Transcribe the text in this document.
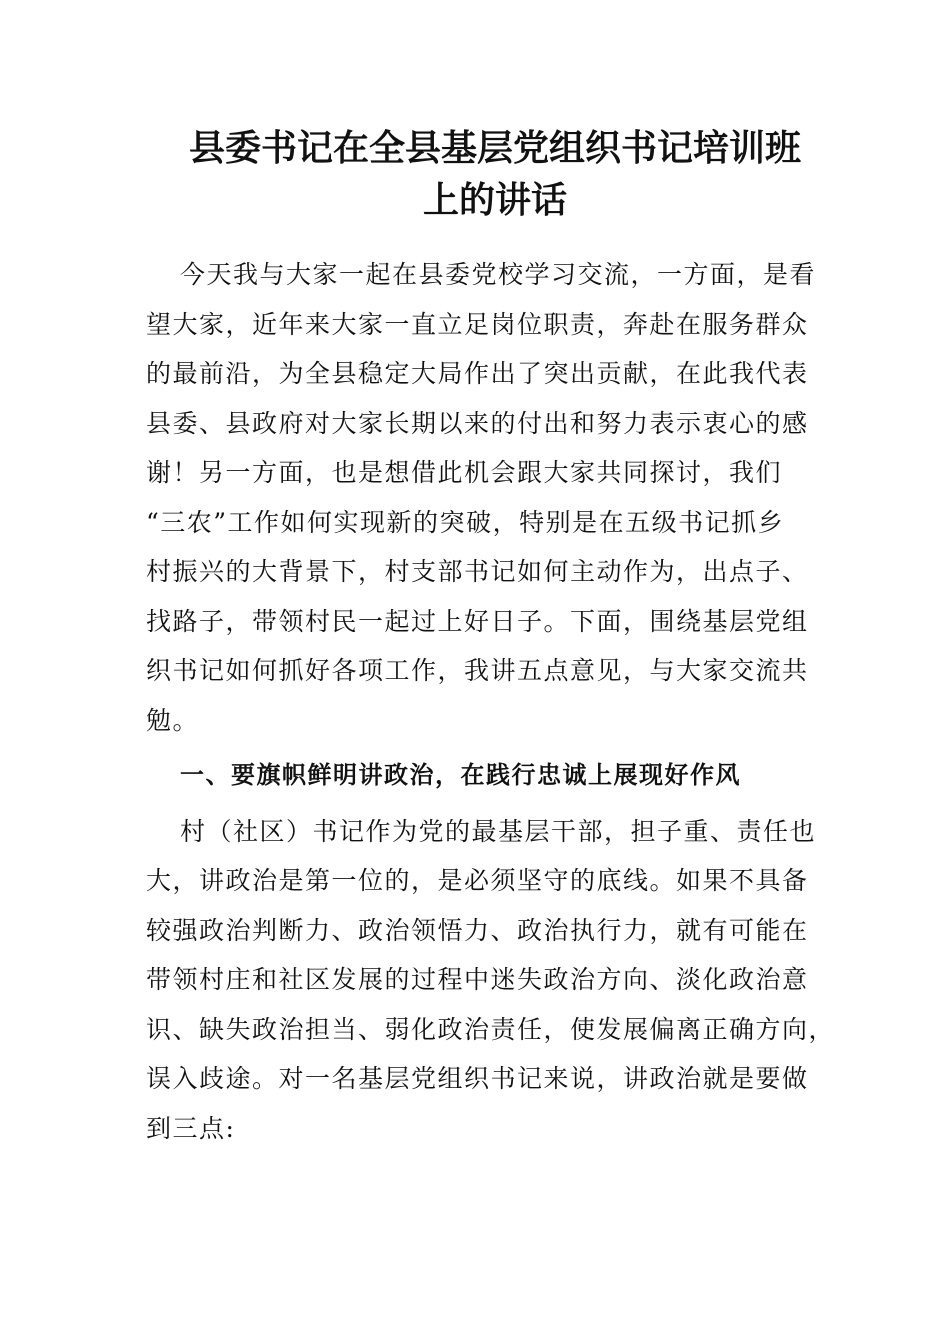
县委书记在全县基层党组织书记培训班
上的讲话
今天我与大家一起在县委党校学习交流，一方面，是看
望大家，近年来大家一直立足岗位职责，奔赴在服务群众
的最前沿，为全县稳定大局作出了突出贡献，在此我代表
县委、县政府对大家长期以来的付出和努力表示衷心的感
谢！另一方面，也是想借此机会跟大家共同探讨，我们
“三农”工作如何实现新的突破，特别是在五级书记抓乡
村振兴的大背景下，村支部书记如何主动作为，出点子、
找路子，带领村民一起过上好日子。下面，围绕基层党组
织书记如何抓好各项工作，我讲五点意见，与大家交流共
勉。
一、要旗帜鲜明讲政治，在践行忠诚上展现好作风
村（社区）书记作为党的最基层干部，担子重、责任也
大，讲政治是第一位的，是必须坚守的底线。如果不具备
较强政治判断力、政治领悟力、政治执行力，就有可能在
带领村庄和社区发展的过程中迷失政治方向、淡化政治意
识、缺失政治担当、弱化政治责任，使发展偏离正确方向，
误入歧途。对一名基层党组织书记来说，讲政治就是要做
到三点:
